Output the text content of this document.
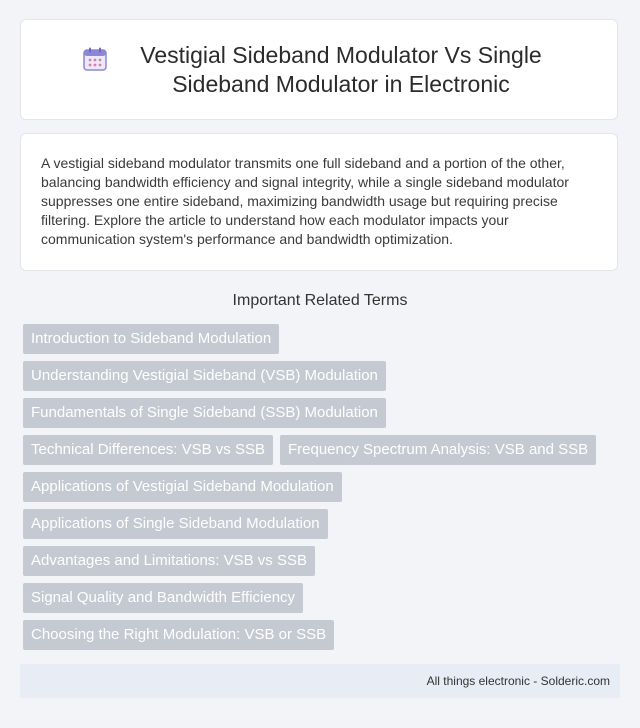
Vestigial Sideband Modulator Vs Single Sideband Modulator in Electronic

A vestigial sideband modulator transmits one full sideband and a portion of the other, balancing bandwidth efficiency and signal integrity, while a single sideband modulator suppresses one entire sideband, maximizing bandwidth usage but requiring precise filtering. Explore the article to understand how each modulator impacts your communication system's performance and bandwidth optimization.

Important Related Terms
Introduction to Sideband Modulation
Understanding Vestigial Sideband (VSB) Modulation
Fundamentals of Single Sideband (SSB) Modulation
Technical Differences: VSB vs SSB	Frequency Spectrum Analysis: VSB and SSB
Applications of Vestigial Sideband Modulation
Applications of Single Sideband Modulation
Advantages and Limitations: VSB vs SSB
Signal Quality and Bandwidth Efficiency
Choosing the Right Modulation: VSB or SSB
All things electronic - Solderic.com
